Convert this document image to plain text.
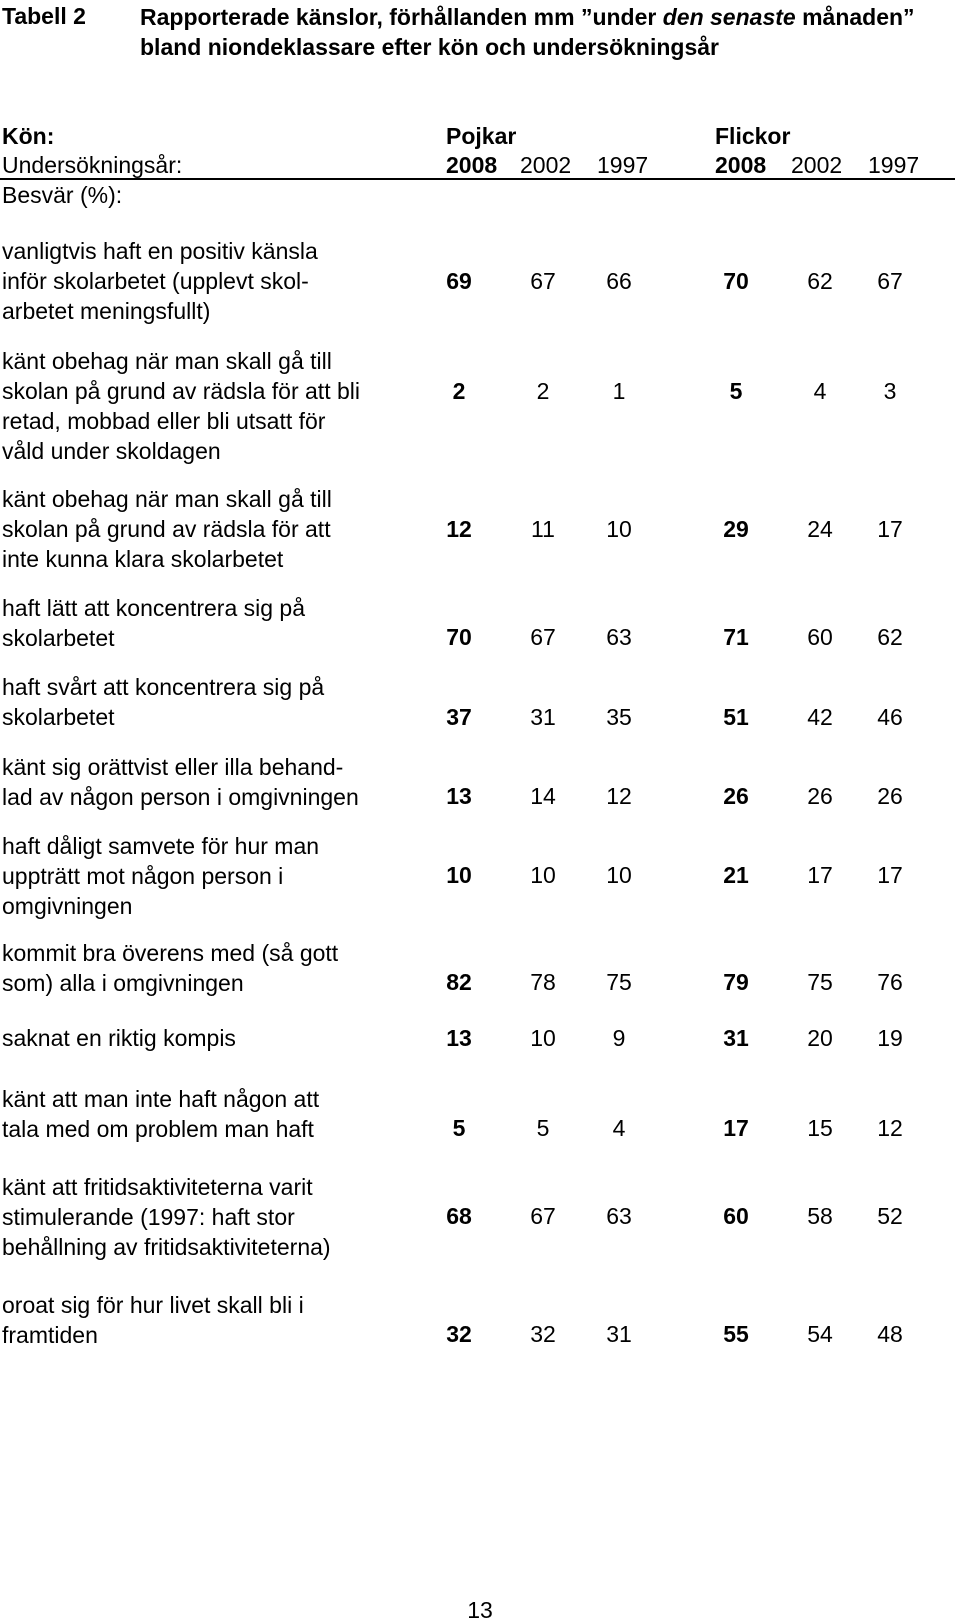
Tabell 2 Rapporterade känslor, förhållanden mm ”under den senaste månaden” bland niondeklassare efter kön och undersökningsår
Kön:	Pojkar	Flickor
Undersökningsår:	2008 2002 1997	2008 2002 1997
Besvär (%):
vanligtvis haft en positiv känsla
inför skolarbetet (upplevt skol-
arbetet meningsfullt)
69	67	66	70	62	67
känt obehag när man skall gå till
skolan på grund av rädsla för att bli
retad, mobbad eller bli utsatt för
våld under skoldagen
2	2	1	5	4	3
känt obehag när man skall gå till
skolan på grund av rädsla för att
inte kunna klara skolarbetet
12	11	10	29	24	17
haft lätt att koncentrera sig på
skolarbetet	70	67	63	71	60	62
haft svårt att koncentrera sig på
skolarbetet	37	31	35	51	42	46
känt sig orättvist eller illa behand-
lad av någon person i omgivningen	13	14	12	26	26	26
haft dåligt samvete för hur man
uppträtt mot någon person i
omgivningen
10	10	10	21	17	17
kommit bra överens med (så gott
som) alla i omgivningen	82	78	75	79	75	76
saknat en riktig kompis	13	10	9	31	20	19
känt att man inte haft någon att
tala med om problem man haft	5	5	4	17	15	12
känt att fritidsaktiviteterna varit
stimulerande (1997: haft stor
behållning av fritidsaktiviteterna)
68	67	63	60	58	52
oroat sig för hur livet skall bli i
framtiden	32	32	31	55	54	48
13
